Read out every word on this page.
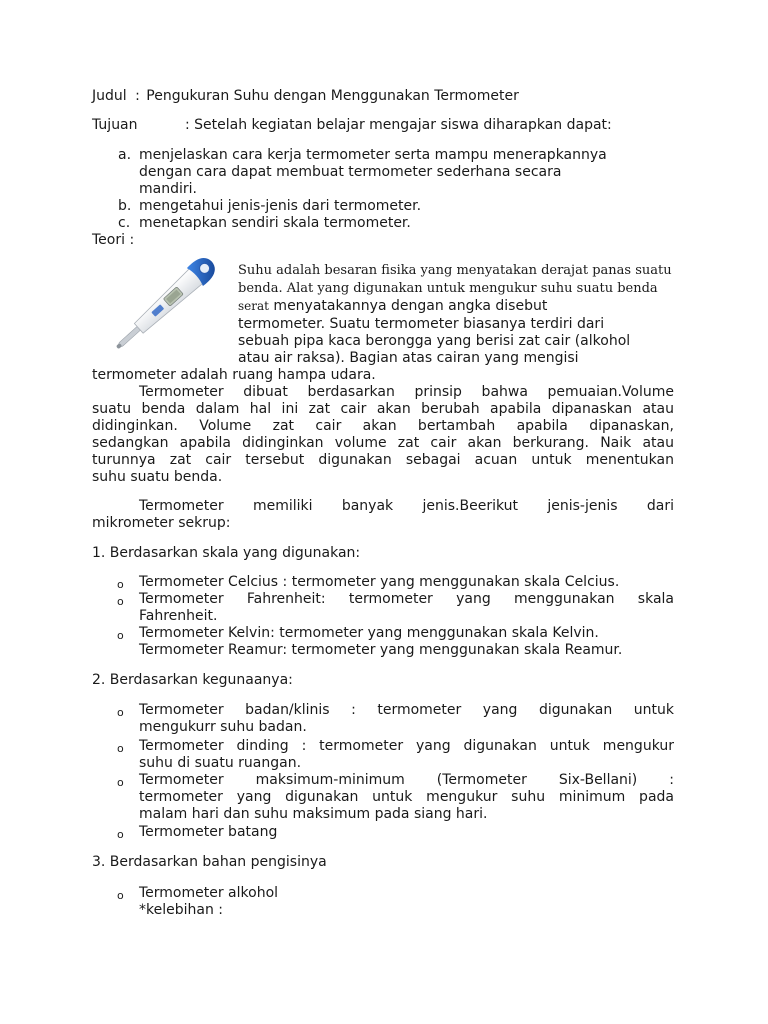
Judul : Pengukuran Suhu dengan Menggunakan Termometer
Tujuan	: Setelah kegiatan belajar mengajar siswa diharapkan dapat:
a. menjelaskan cara kerja termometer serta mampu menerapkannya
dengan cara dapat membuat termometer sederhana secara
mandiri.
b. mengetahui jenis-jenis dari termometer.
c. menetapkan sendiri skala termometer.
Teori :
Suhu adalah besaran fisika yang menyatakan derajat panas suatu
benda. Alat yang digunakan untuk mengukur suhu suatu benda
serat menyatakannya dengan angka disebut
termometer. Suatu termometer biasanya terdiri dari
sebuah pipa kaca berongga yang berisi zat cair (alkohol
atau air raksa). Bagian atas cairan yang mengisi
termometer adalah ruang hampa udara.
Termometer dibuat berdasarkan prinsip bahwa pemuaian.Volume
suatu benda dalam hal ini zat cair akan berubah apabila dipanaskan atau
didinginkan. Volume zat cair akan bertambah apabila dipanaskan,
sedangkan apabila didinginkan volume zat cair akan berkurang. Naik atau
turunnya zat cair tersebut digunakan sebagai acuan untuk menentukan
suhu suatu benda.
Termometer memiliki banyak jenis.Beerikut jenis-jenis dari
mikrometer sekrup:
1. Berdasarkan skala yang digunakan:
o Termometer Celcius : termometer yang menggunakan skala Celcius.
o Termometer Fahrenheit: termometer yang menggunakan skala
Fahrenheit.
o Termometer Kelvin: termometer yang menggunakan skala Kelvin.
Termometer Reamur: termometer yang menggunakan skala Reamur.
2. Berdasarkan kegunaanya:
o Termometer badan/klinis : termometer yang digunakan untuk
mengukurr suhu badan.
o Termometer dinding : termometer yang digunakan untuk mengukur
suhu di suatu ruangan.
o Termometer maksimum-minimum (Termometer Six-Bellani) :
termometer yang digunakan untuk mengukur suhu minimum pada
malam hari dan suhu maksimum pada siang hari.
o Termometer batang
3. Berdasarkan bahan pengisinya
o Termometer alkohol
*kelebihan :
